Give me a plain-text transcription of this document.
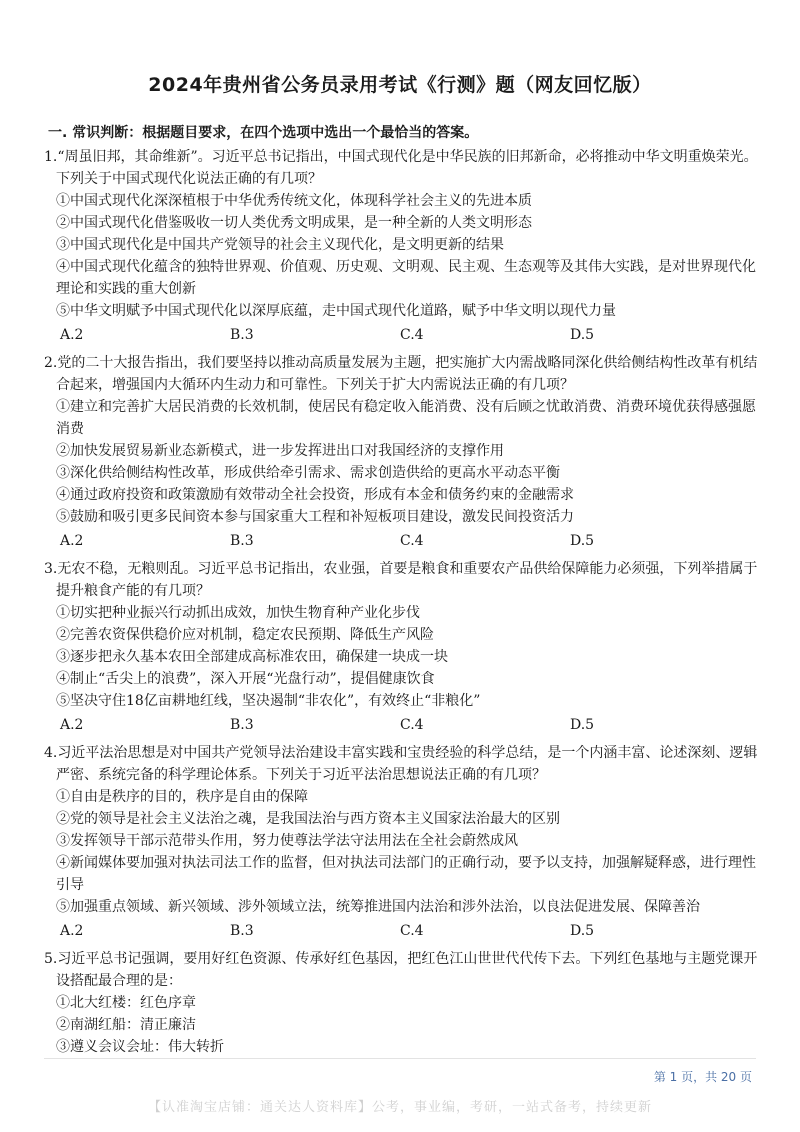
2024年贵州省公务员录用考试《行测》题（网友回忆版）
一. 常识判断：根据题目要求，在四个选项中选出一个最恰当的答案。
1.“周虽旧邦，其命维新”。习近平总书记指出，中国式现代化是中华民族的旧邦新命，必将推动中华文明重焕荣光。下列关于中国式现代化说法正确的有几项？
①中国式现代化深深植根于中华优秀传统文化，体现科学社会主义的先进本质
②中国式现代化借鉴吸收一切人类优秀文明成果，是一种全新的人类文明形态
③中国式现代化是中国共产党领导的社会主义现代化，是文明更新的结果
④中国式现代化蕴含的独特世界观、价值观、历史观、文明观、民主观、生态观等及其伟大实践，是对世界现代化理论和实践的重大创新
⑤中华文明赋予中国式现代化以深厚底蕴，走中国式现代化道路，赋予中华文明以现代力量
A.2	B.3	C.4	D.5
2.党的二十大报告指出，我们要坚持以推动高质量发展为主题，把实施扩大内需战略同深化供给侧结构性改革有机结合起来，增强国内大循环内生动力和可靠性。下列关于扩大内需说法正确的有几项？
①建立和完善扩大居民消费的长效机制，使居民有稳定收入能消费、没有后顾之忧敢消费、消费环境优获得感强愿消费
②加快发展贸易新业态新模式，进一步发挥进出口对我国经济的支撑作用
③深化供给侧结构性改革，形成供给牵引需求、需求创造供给的更高水平动态平衡
④通过政府投资和政策激励有效带动全社会投资，形成有本金和债务约束的金融需求
⑤鼓励和吸引更多民间资本参与国家重大工程和补短板项目建设，激发民间投资活力
A.2	B.3	C.4	D.5
3.无农不稳，无粮则乱。习近平总书记指出，农业强，首要是粮食和重要农产品供给保障能力必须强，下列举措属于提升粮食产能的有几项？
①切实把种业振兴行动抓出成效，加快生物育种产业化步伐
②完善农资保供稳价应对机制，稳定农民预期、降低生产风险
③逐步把永久基本农田全部建成高标准农田，确保建一块成一块
④制止“舌尖上的浪费”，深入开展“光盘行动”，提倡健康饮食
⑤坚决守住18亿亩耕地红线，坚决遏制“非农化”，有效终止“非粮化”
A.2	B.3	C.4	D.5
4.习近平法治思想是对中国共产党领导法治建设丰富实践和宝贵经验的科学总结，是一个内涵丰富、论述深刻、逻辑严密、系统完备的科学理论体系。下列关于习近平法治思想说法正确的有几项？
①自由是秩序的目的，秩序是自由的保障
②党的领导是社会主义法治之魂，是我国法治与西方资本主义国家法治最大的区别
③发挥领导干部示范带头作用，努力使尊法学法守法用法在全社会蔚然成风
④新闻媒体要加强对执法司法工作的监督，但对执法司法部门的正确行动，要予以支持，加强解疑释惑，进行理性引导
⑤加强重点领域、新兴领域、涉外领域立法，统筹推进国内法治和涉外法治，以良法促进发展、保障善治
A.2	B.3	C.4	D.5
5.习近平总书记强调，要用好红色资源、传承好红色基因，把红色江山世世代代传下去。下列红色基地与主题党课开设搭配最合理的是：
①北大红楼：红色序章
②南湖红船：清正廉洁
③遵义会议会址：伟大转折
第 1 页，共 20 页
【认准淘宝店铺：通关达人资料库】公考，事业编，考研，一站式备考，持续更新
